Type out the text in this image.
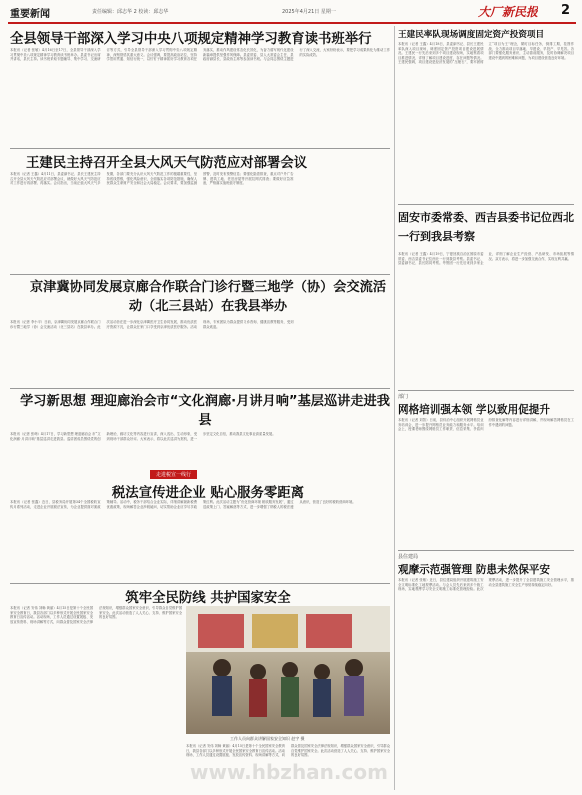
重要新闻	责任编辑：邱志华 2 校读：邱志华	2025年4月21日 星期一	大厂新民报 2
全县领导干部深入学习中央八项规定精神学习教育读书班举行
本报讯（记者 张敏）4月16日至17日，全县领导干部深入学习贯彻中央八项规定精神学习教育读书班举办。县委书记出席并讲话，县长主持。读书班采取专题辅导、集中学习、交流研讨等方式，引导全县领导干部深入学习贯彻中央八项规定精神，深刻领悟其重大意义。会议强调，要提高政治站位，坚持学思用贯通、知信行统一，以钉钉子精神抓好学习教育各项任务落实，推动作风建设常态化长效化，为奋力谱写现代化建设新篇章提供坚强作风保障。县委常委、县人大常委会主任、县政府副县长、县政协主席等参加读书班。与会同志围绕主题进行了深入交流，大家纷纷表示，要把学习成果转化为推动工作的实际成效。
王建民主持召开全县大风天气防范应对部署会议
本报讯（记者 王鑫）4月11日，县委副书记、县长王建民主持召开全县大风天气防范应对部署会议，就做好大风天气防范应对工作进行再部署、再落实。会议指出，当前正值大风天气多发期，各部门要充分认识大风天气防范工作的极端重要性，坚持底线思维，强化风险意识，全面落实各项防范措施，确保人民群众生命财产安全和社会大局稳定。会议要求，要加强监测预警，及时发布预警信息；要强化隐患排查，重点对户外广告牌、建筑工地、老旧房屋等开展拉网式排查；要做好应急准备，严格落实值班值守制度。
京津冀协同发展京廊合作联合门诊行暨三地学（协）会交流活动（北三县站）在我县举办
本报讯（记者 李小平）日前，京津冀协同发展京廊合作联合门诊行暨三地学（协）会交流活动（北三县站）在我县举办。此次活动旨在进一步深化京津冀医疗卫生协同发展，推动优质医疗资源下沉，让群众在家门口享受到京津优质医疗服务。活动现场，专家团队为群众提供义诊咨询、健康宣教等服务，受到群众欢迎。
学习新思想 理迎廊治会市“文化润廊·月讲月响”基层巡讲走进我县
本报讯（记者 张萌）4月17日，学习新思想 理迎廊治会 市“文化润廊·月讲月响”基层巡讲走进我县。巡讲团成员围绕党的创新理论、廊坊文化等内容进行宣讲，深入浅出、生动形象，受到现场干部群众好评。大家表示，将以此次巡讲为契机，进一步坚定文化自信，推动我县文化事业高质量发展。
走进税宣一线行
税法宣传进企业 贴心服务零距离
本报讯（记者 张鑫）近日，县税务局开展第34个全国税收宣传月系列活动，走进企业开展税法宣传，为企业提供面对面政策辅导。活动中，税务干部结合企业实际，详细讲解最新税费优惠政策，现场解答企业涉税疑问，切实帮助企业应享尽享政策红利。此次活动主题为“优化营商环境 税收服务发展”，通过送政策上门、答疑解惑等方式，进一步增强了纳税人的税法遵从意识，营造了良好的税收营商环境。
筑牢全民防线 共护国家安全
本报讯（记者 安伟 刘畅 黄丽）4月15日是第十个全民国家安全教育日，我县各部门以多种形式开展全民国家安全教育日宣传活动。活动现场，工作人员通过设置展板、发放宣传资料、现场讲解等方式，向群众普及国家安全法律法规知识，增强群众国家安全意识，引导群众自觉维护国家安全。此次活动营造了人人关心、支持、维护国家安全的良好氛围。
工作人员向群众讲解国家安全知识 赵宇 摄
本报讯（记者 安伟 刘畅 黄丽）4月15日是第十个全民国家安全教育日，我县各部门以多种形式开展全民国家安全教育日宣传活动。活动现场，工作人员通过设置展板、发放宣传资料、现场讲解等方式，向群众普及国家安全法律法规知识，增强群众国家安全意识，引导群众自觉维护国家安全。此次活动营造了人人关心、支持、维护国家安全的良好氛围。
王建民率队现场调度固定资产投资项目
本报讯（记者 王鑫）4月18日，县委副书记、县长王建民率队深入项目现场，调度固定资产投资项目建设进展情况。王建民一行先后来到多个项目建设现场，实地察看项目推进情况，详细了解项目建设进度、存在问题等情况。王建民强调，项目建设是经济发展的“压舱石”，要牢固树立“项目为王”理念，紧盯目标任务，倒排工期，挂图作战，全力推动项目早落地、早建设、早投产、早见效。各部门要强化服务意识，主动靠前服务，及时协调解决项目建设中遇到的困难和问题，为项目建设营造良好环境。
固安市委常委、西吉县委书记位西北一行到我县考察
本报讯（记者 王鑫）4月19日，宁夏回族自治区固原市委常委、西吉县委书记位西北一行到我县考察。县委书记、县委副书记、县长陪同考察。考察团一行先后来到多家企业，详细了解企业生产经营、产品研发、市场拓展等情况。双方表示，将进一步加强交流合作，实现互利共赢。
部门
网格培训强本领 学以致用促提升
本报讯（记者 刘智）日前，县综治中心组织开展网格员业务培训会，进一步提升网格员业务能力和服务水平。培训会上，授课老师围绕网格员工作职责、信息采集、矛盾纠纷排查化解等内容进行详细讲解，并现场解答网格员在工作中遇到的问题。
县住建局
观摩示范强管理 防患未然保平安
本报讯（记者 张敏）近日，县住建局组织开展建筑施工安全文明标准化工地观摩活动。与会人员先后来到多个施工现场，实地观摩学习安全文明施工标准化管理经验。此次观摩活动，进一步提升了全县建筑施工安全管理水平，推动全县建筑施工安全生产形势持续稳定向好。
www.hbzhan.com
